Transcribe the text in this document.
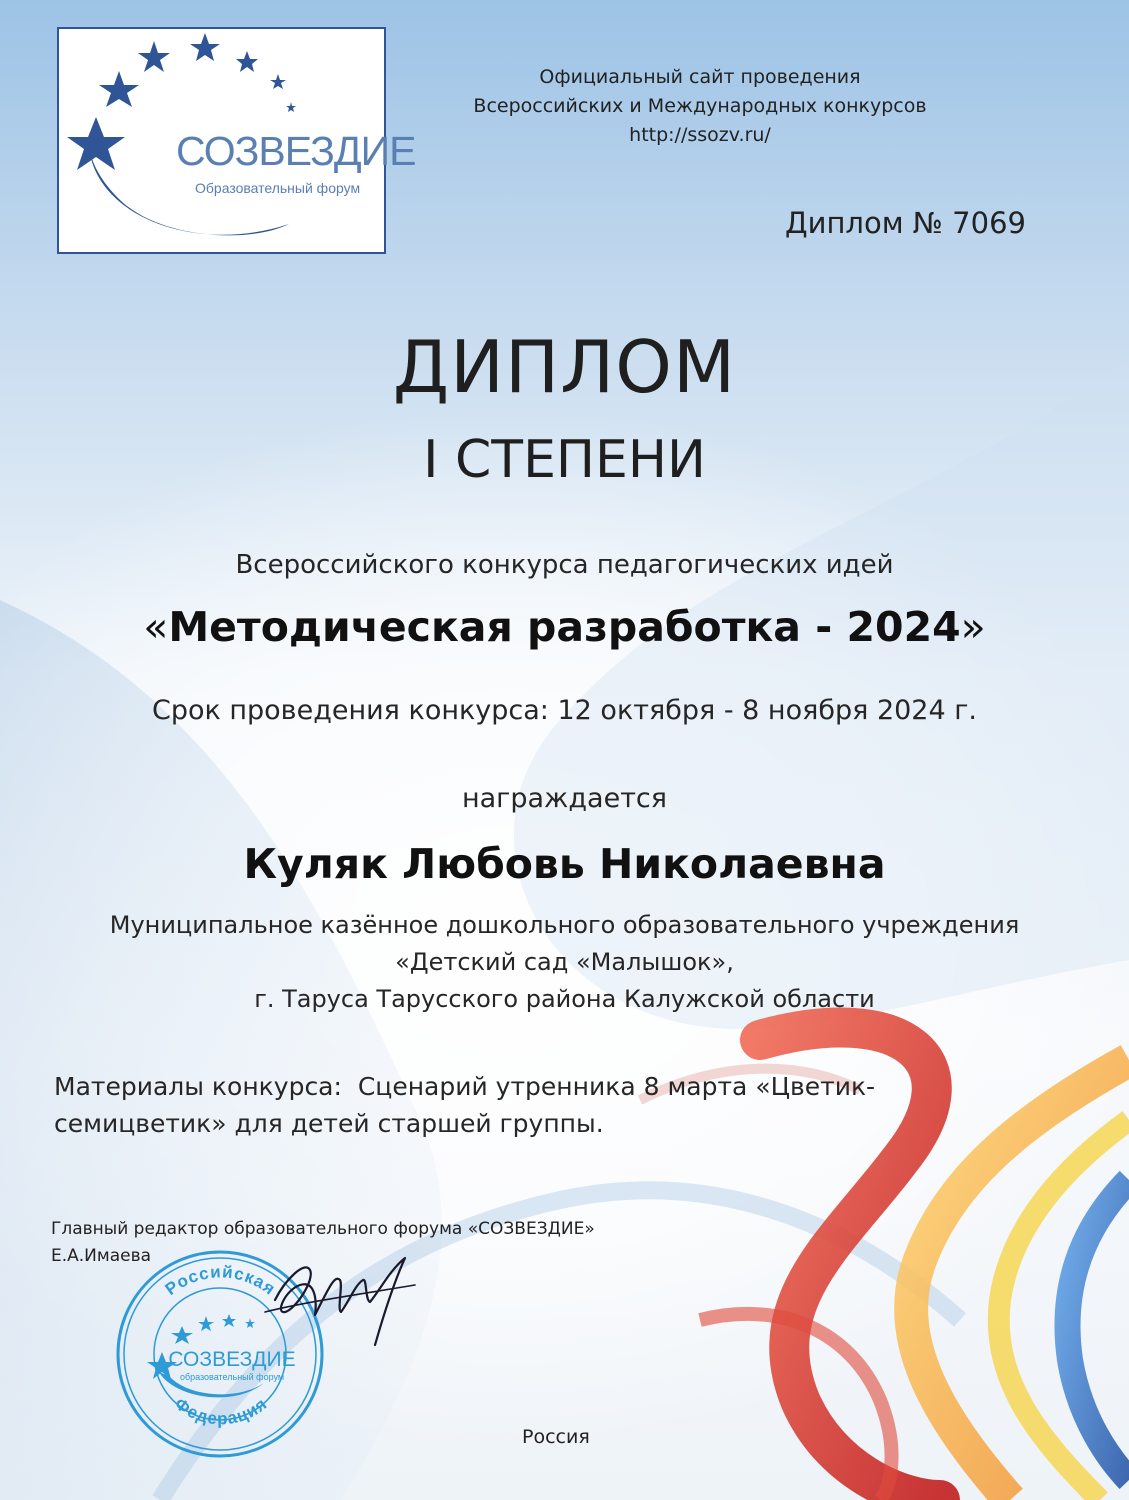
СОЗВЕЗДИЕ
Образовательный форум
Официальный сайт проведения
Всероссийских и Международных конкурсов
http://ssozv.ru/
Диплом № 7069
ДИПЛОМ
I СТЕПЕНИ
Всероссийского конкурса педагогических идей
«Методическая разработка - 2024»
Срок проведения конкурса: 12 октября - 8 ноября 2024 г.
награждается
Куляк Любовь Николаевна
Муниципальное казённое дошкольного образовательного учреждения
«Детский сад «Малышок»,
г. Таруса Тарусского района Калужской области
Материалы конкурса: Сценарий утренника 8 марта «Цветик-семицветик» для детей старшей группы.
Главный редактор образовательного форума «СОЗВЕЗДИЕ»
Е.А.Имаева
Российская
Федерация
СОЗВЕЗДИЕ
образовательный форум
Россия
